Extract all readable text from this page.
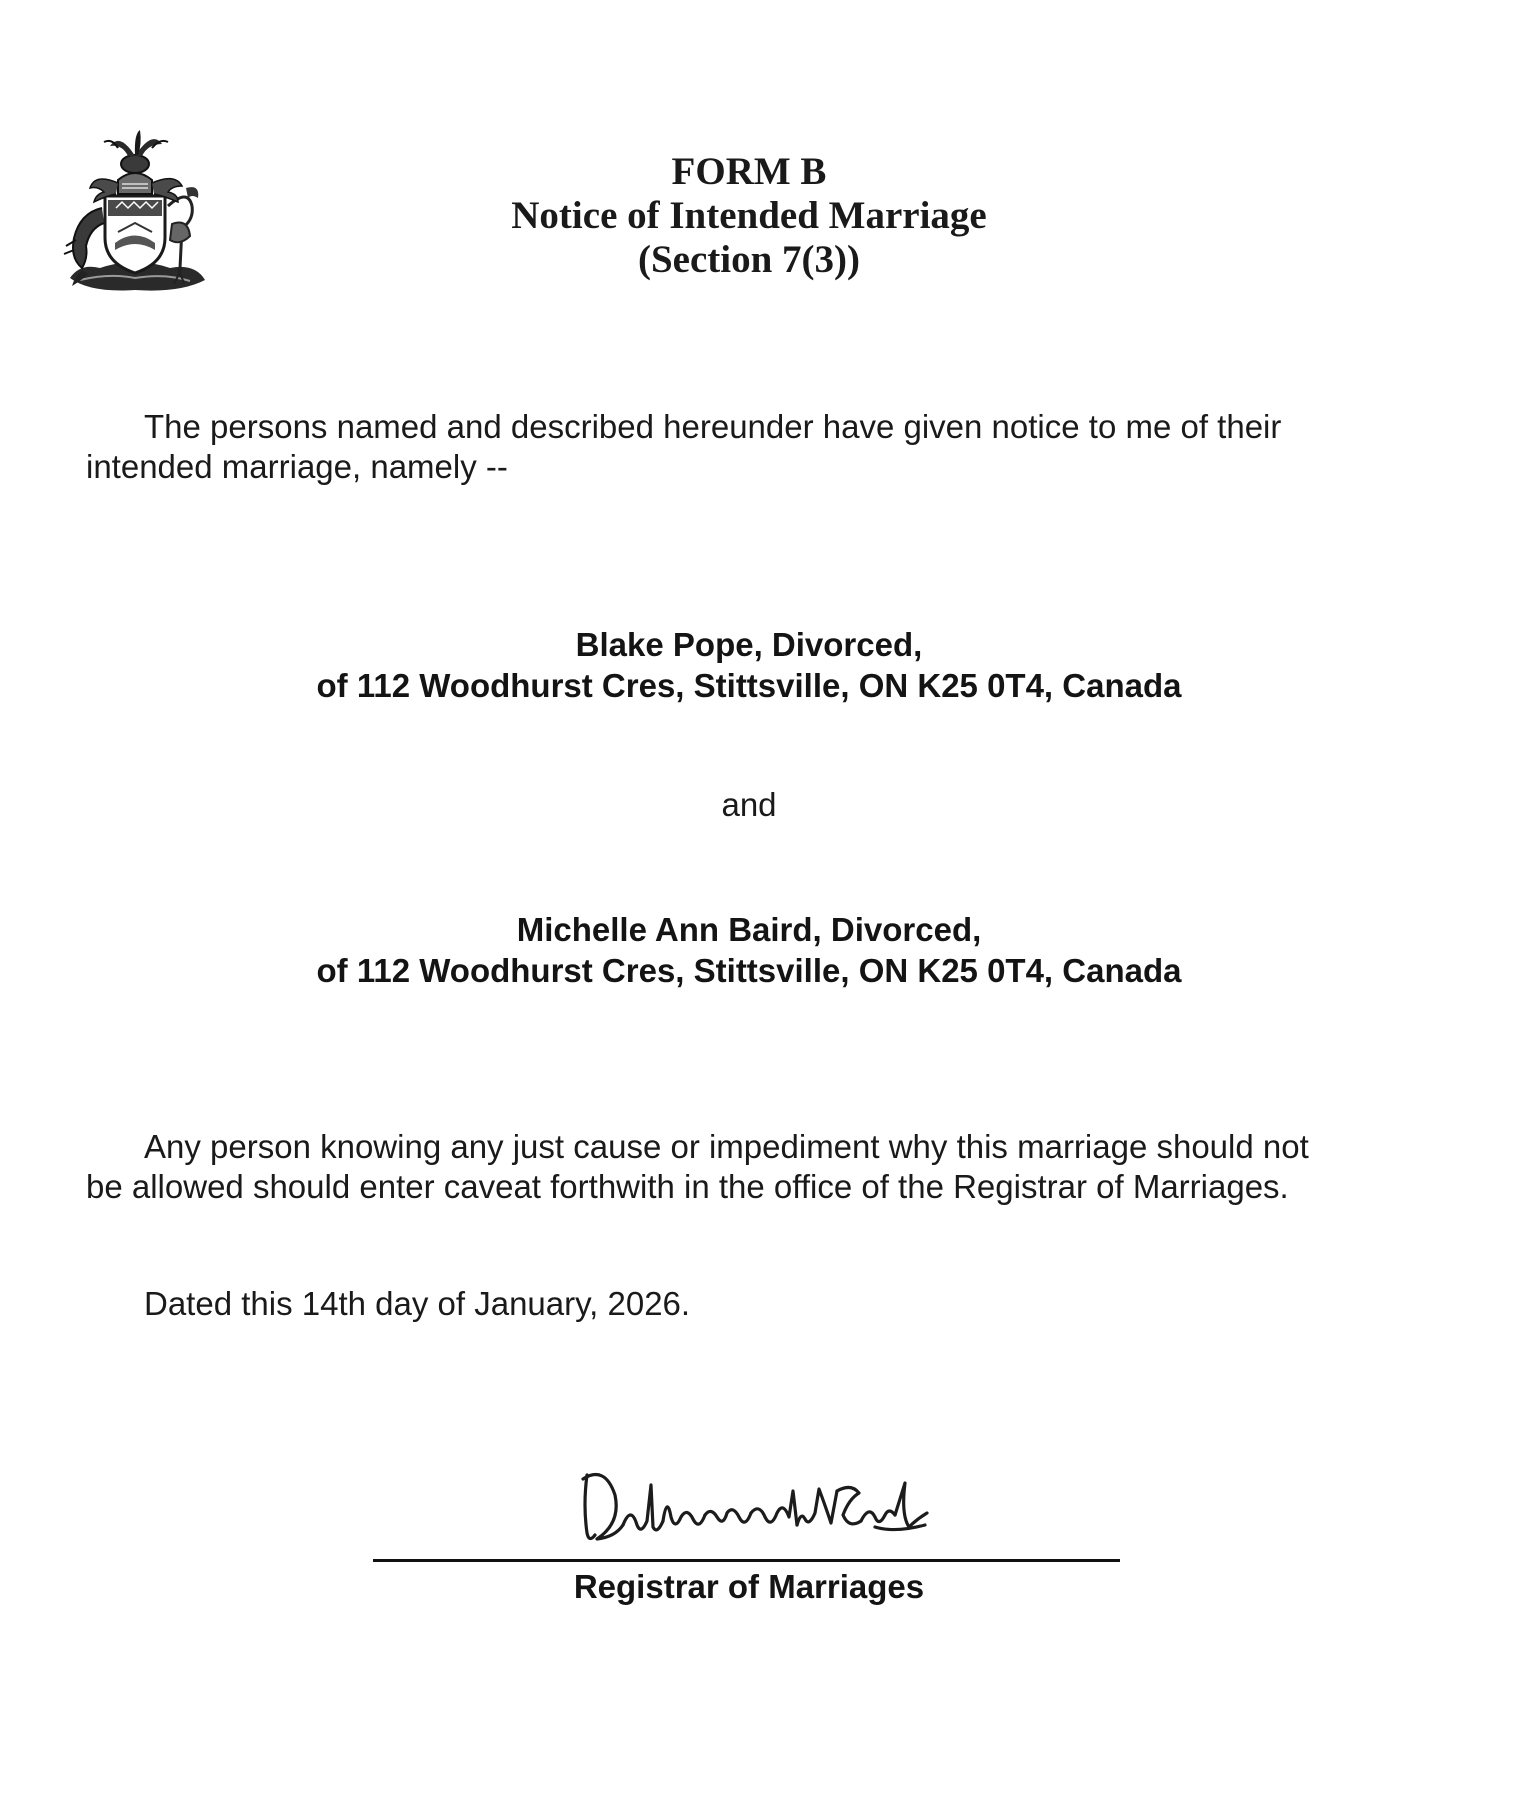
FORM B
Notice of Intended Marriage
(Section 7(3))
The persons named and described hereunder have given notice to me of their
intended marriage, namely --
Blake Pope, Divorced,
of 112 Woodhurst Cres, Stittsville, ON K25 0T4, Canada
and
Michelle Ann Baird, Divorced,
of 112 Woodhurst Cres, Stittsville, ON K25 0T4, Canada
Any person knowing any just cause or impediment why this marriage should not
be allowed should enter caveat forthwith in the office of the Registrar of Marriages.
Dated this 14th day of January, 2026.
Registrar of Marriages
